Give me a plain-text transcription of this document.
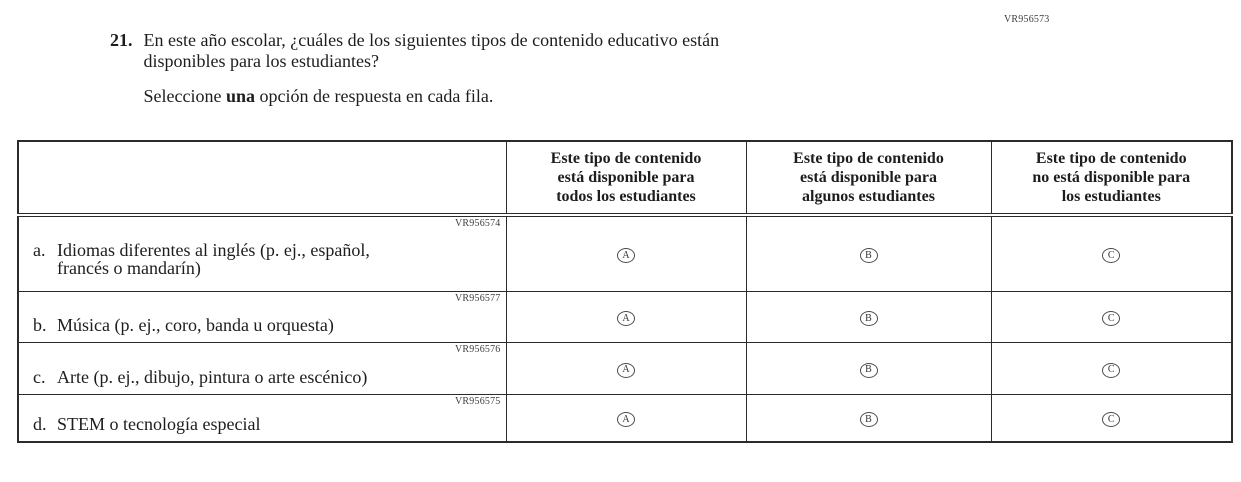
VR956573
21. En este año escolar, ¿cuáles de los siguientes tipos de contenido educativo están
disponibles para los estudiantes?
Seleccione una opción de respuesta en cada fila.

Este tipo de contenido
está disponible para
todos los estudiantes

Este tipo de contenido
está disponible para
algunos estudiantes

Este tipo de contenido
no está disponible para
los estudiantes

VR956574
a. Idiomas diferentes al inglés (p. ej., español,
francés o mandarín)	A	B	C

VR956577
b. Música (p. ej., coro, banda u orquesta)	A	B	C

VR956576
c. Arte (p. ej., dibujo, pintura o arte escénico)	A	B	C

VR956575
d. STEM o tecnología especial	A	B	C
